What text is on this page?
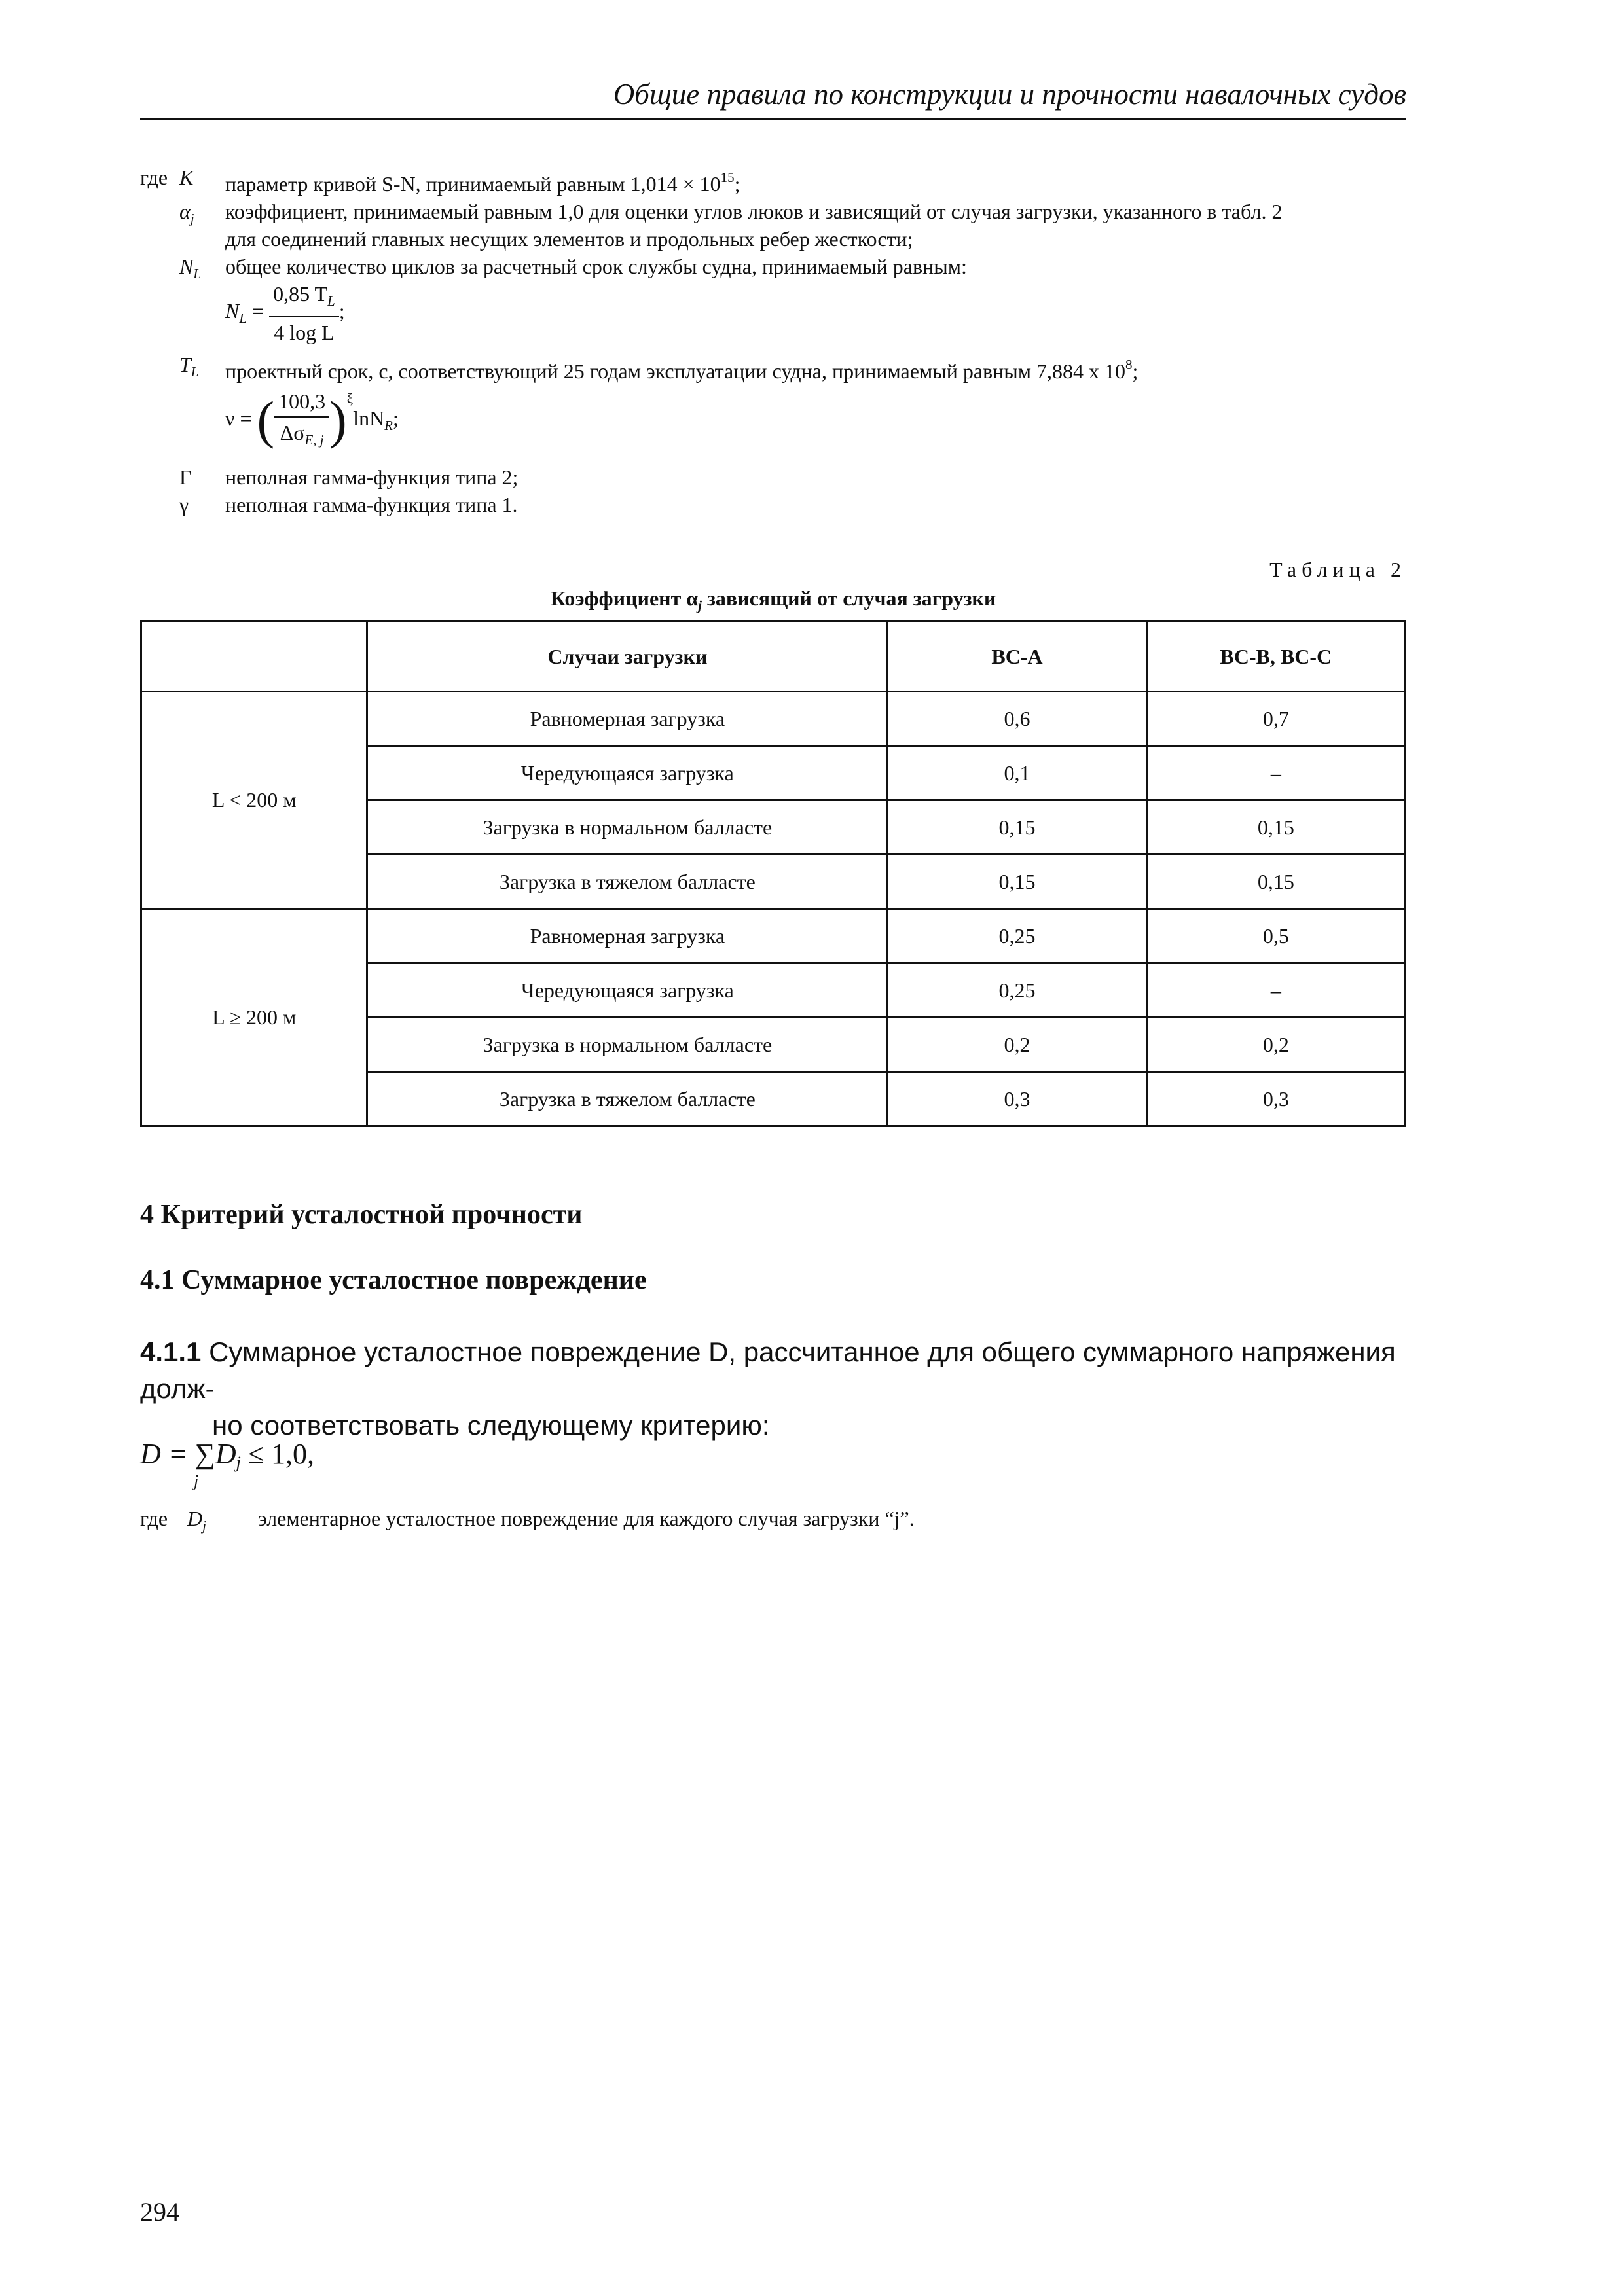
Общие правила по конструкции и прочности навалочных судов
где K	параметр кривой S-N, принимаемый равным $1,014 \times 10^{15}$;
$\alpha_j$	коэффициент, принимаемый равным 1,0 для оценки углов люков и зависящий от случая загрузки, указанного в табл. 2
для соединений главных несущих элементов и продольных ребер жесткости;
$N_L$	общее количество циклов за расчетный срок службы судна, принимаемый равным:
$N_L = \frac{0,85 T_L}{\text{4 log L}}$ ;
$T_L$	проектный срок, с, соответствующий 25 годам эксплуатации судна, принимаемый равным 7,884 x $10^8$;
ν = ( $\frac{100,3}{\Delta\sigma_{E, j}} )^\xi\ln N_R$;
Γ	неполная гамма-функция типа 2;
γ	неполная гамма-функция типа 1.
Таблица 2
Коэффициент $\alpha_j$ зависящий от случая загрузки
	Случаи загрузки	BC-A	BC-B, BC-C
L < 200 м	Равномерная загрузка	0,6	0,7
	Чередующаяся загрузка	0,1	–
	Загрузка в нормальном балласте	0,15	0,15
	Загрузка в тяжелом балласте	0,15	0,15
L ≥ 200 м	Равномерная загрузка	0,25	0,5
	Чередующаяся загрузка	0,25	–
	Загрузка в нормальном балласте	0,2	0,2
	Загрузка в тяжелом балласте	0,3	0,3
4 Критерий усталостной прочности
4.1 Суммарное усталостное повреждение
4.1.1 Суммарное усталостное повреждение D, рассчитанное для общего суммарного напряжения долж-
но соответствовать следующему критерию:
$D = \sum D_j \le 1,0$,
j
где $D_j$ элементарное усталостное повреждение для каждого случая загрузки “j”.
294
